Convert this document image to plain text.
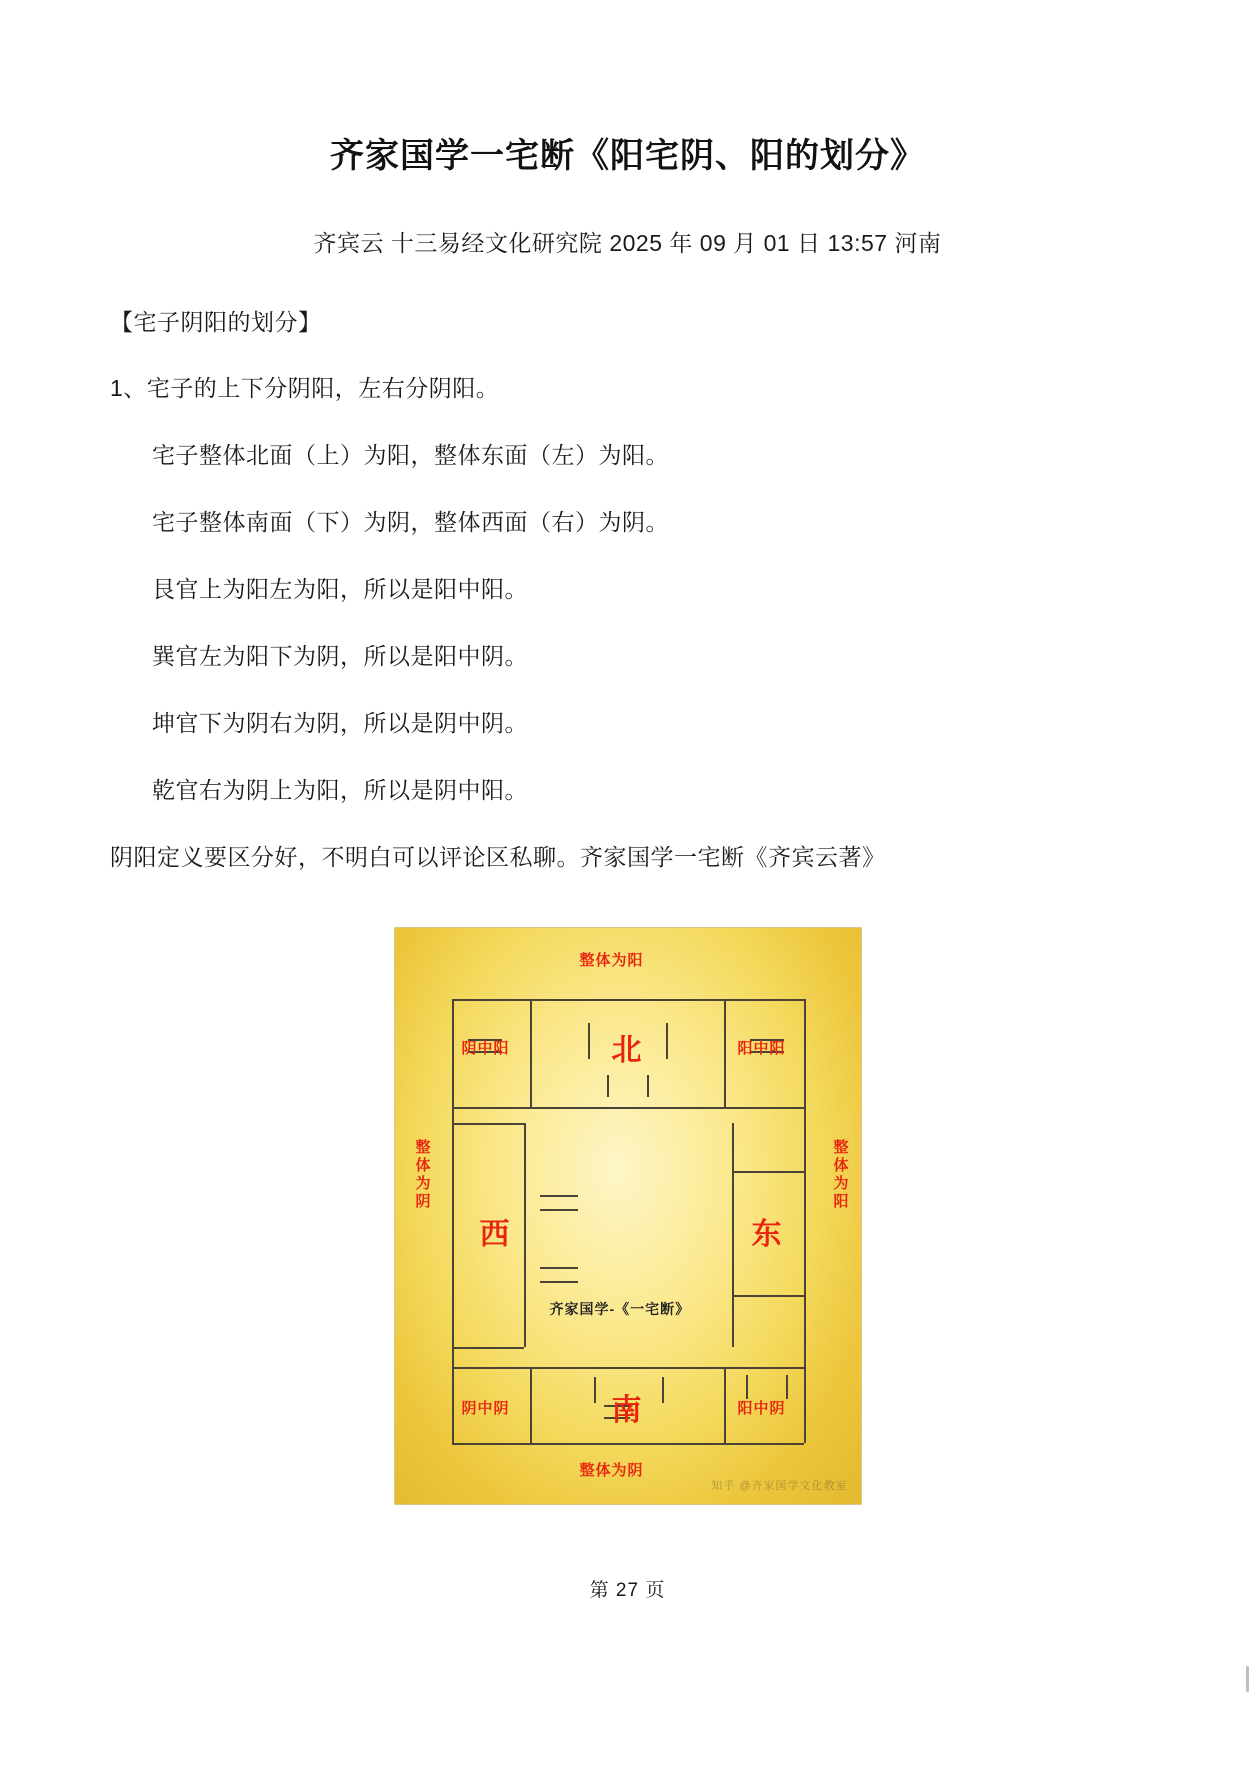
齐家国学一宅断《阳宅阴、阳的划分》
齐宾云 十三易经文化研究院 2025 年 09 月 01 日 13:57 河南
【宅子阴阳的划分】

1、宅子的上下分阴阳，左右分阴阳。

宅子整体北面（上）为阳，整体东面（左）为阳。

宅子整体南面（下）为阴，整体西面（右）为阴。

艮官上为阳左为阳，所以是阳中阳。

巽官左为阳下为阴，所以是阳中阴。

坤官下为阴右为阴，所以是阴中阴。

乾官右为阴上为阳，所以是阴中阳。

阴阳定义要区分好，不明白可以评论区私聊。齐家国学一宅断《齐宾云著》

整体为阳
整体为阴
整体为阴	整体为阳
阴中阳	阳中阳
阴中阴	阳中阴
北
南
西	东
齐家国学-《一宅断》
知乎 @齐家国学文化教室
第 27 页
